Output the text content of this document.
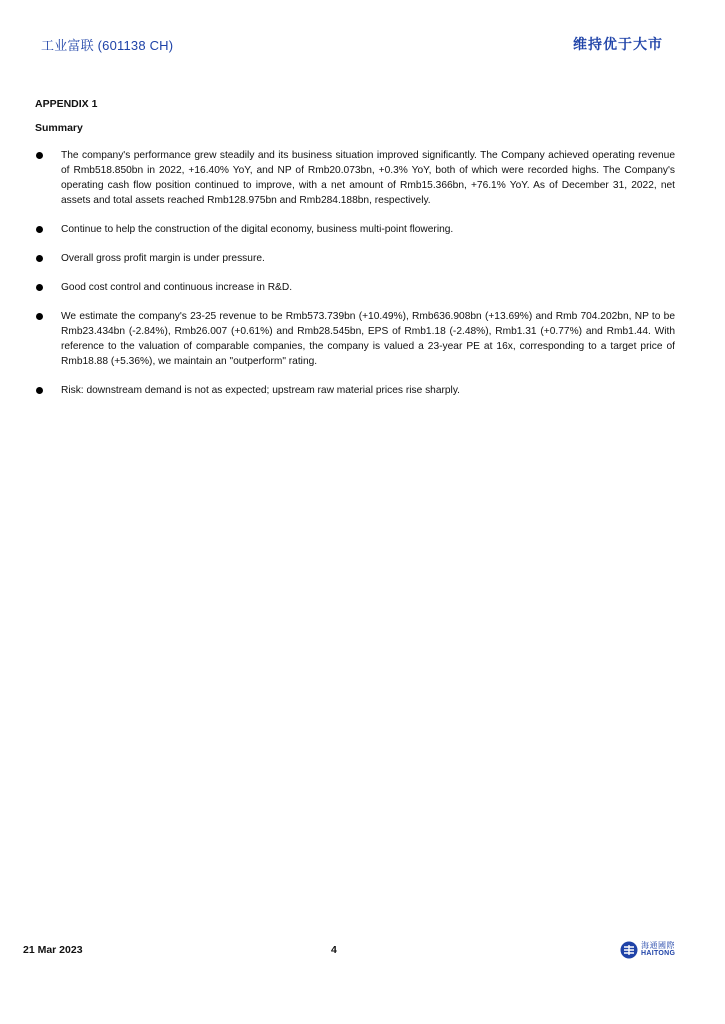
工业富联 (601138 CH)	维持优于大市
APPENDIX 1
Summary
The company's performance grew steadily and its business situation improved significantly. The Company achieved operating revenue of Rmb518.850bn in 2022, +16.40% YoY, and NP of Rmb20.073bn, +0.3% YoY, both of which were recorded highs. The Company's operating cash flow position continued to improve, with a net amount of Rmb15.366bn, +76.1% YoY. As of December 31, 2022, net assets and total assets reached Rmb128.975bn and Rmb284.188bn, respectively.
Continue to help the construction of the digital economy, business multi-point flowering.
Overall gross profit margin is under pressure.
Good cost control and continuous increase in R&D.
We estimate the company's 23-25 revenue to be Rmb573.739bn (+10.49%), Rmb636.908bn (+13.69%) and Rmb 704.202bn, NP to be Rmb23.434bn (-2.84%), Rmb26.007 (+0.61%) and Rmb28.545bn, EPS of Rmb1.18 (-2.48%), Rmb1.31 (+0.77%) and Rmb1.44. With reference to the valuation of comparable companies, the company is valued a 23-year PE at 16x, corresponding to a target price of Rmb18.88 (+5.36%), we maintain an "outperform" rating.
Risk: downstream demand is not as expected; upstream raw material prices rise sharply.
21 Mar 2023	4	海通國際
HAITONG
